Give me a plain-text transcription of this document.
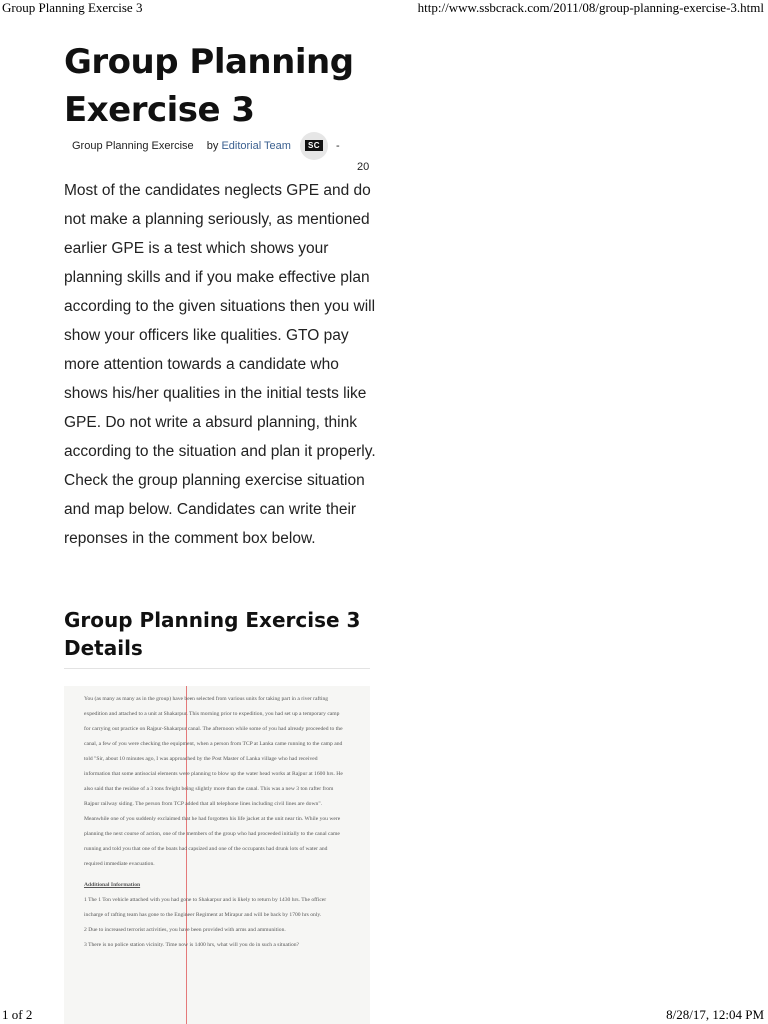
Group Planning Exercise 3	http://www.ssbcrack.com/2011/08/group-planning-exercise-3.html
Group Planning Exercise 3
Group Planning Exercise by Editorial Team	SC -
20

Most of the candidates neglects GPE and do not make a planning seriously, as mentioned earlier GPE is a test which shows your planning skills and if you make effective plan according to the given situations then you will show your officers like qualities. GTO pay more attention towards a candidate who shows his/her qualities in the initial tests like GPE. Do not write a absurd planning, think according to the situation and plan it properly. Check the group planning exercise situation and map below. Candidates can write their reponses in the comment box below.

Group Planning Exercise 3 Details

You (as many as many as in the group) have been selected from various units for taking part in a river rafting expedition and attached to a unit at Shakarpur. This morning prior to expedition, you had set up a temporary camp for carrying out practice on Rajpur-Shakarpur canal. The afternoon while some of you had already proceeded to the canal, a few of you were checking the equipment, when a person from TCP at Lanka came running to the camp and told "Sir, about 10 minutes ago, I was approached by the Post Master of Lanka village who had received information that some antisocial elements were planning to blow up the water head works at Rajpur at 1600 hrs. He also said that the residue of a 3 tons freight being slightly more than the canal. This was a new 3 ton rafter from Rajpur railway siding. The person from TCP added that all telephone lines including civil lines are down". Meanwhile one of you suddenly exclaimed that he had forgotten his life jacket at the unit near tin. While you were planning the next course of action, one of the members of the group who had proceeded initially to the canal came running and told you that one of the boats had capsized and one of the occupants had drunk lots of water and required immediate evacuation.

Additional Information

1 The 1 Ton vehicle attached with you had gone to Shakarpur and is likely to return by 1430 hrs. The officer incharge of rafting team has gone to the Engineer Regiment at Mirapur and will be back by 1700 hrs only.

2 Due to increased terrorist activities, you have been provided with arms and ammunition.

3 There is no police station vicinity. Time now is 1400 hrs, what will you do in such a situation?

1 of 2	8/28/17, 12:04 PM
